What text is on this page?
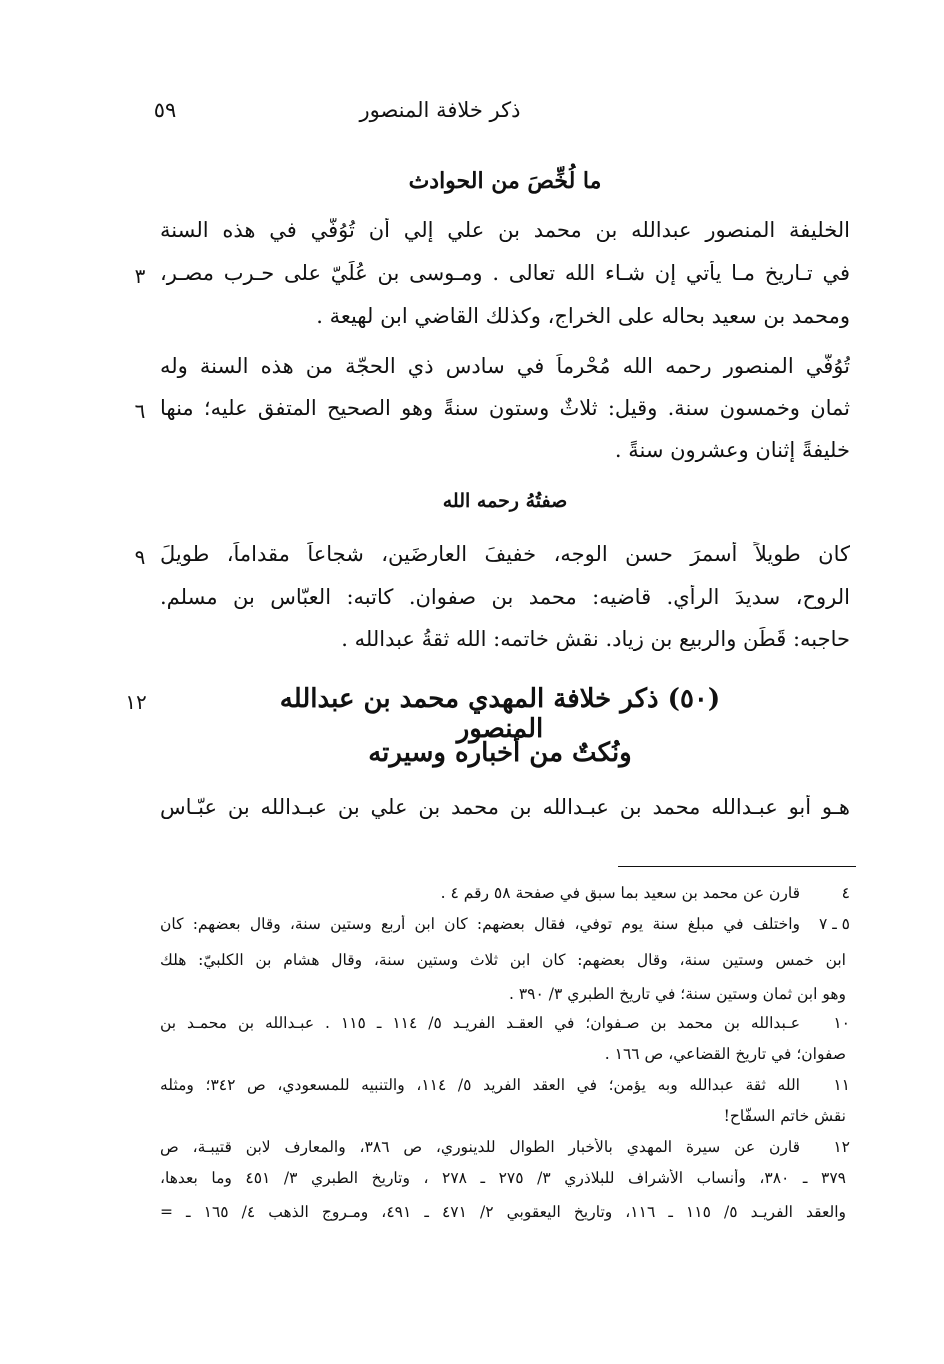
ذكر خلافة المنصور
٥٩
ما لُخِّصَ من الحوادث
الخليفة المنصور عبدالله بن محمد بن علي إلي أن تُوُفّي في هذه السنة
في تـاريخ مـا يأتي إن شـاء الله تعالى . ومـوسى بن عُلَيّ على حـرب مصـر،
٣
ومحمد بن سعيد بحاله على الخراج، وكذلك القاضي ابن لهيعة .
تُوُفّي المنصور رحمه الله مُحْرِماً في سادس ذي الحجّة من هذه السنة وله
ثمانٍ وخمسون سنة. وقيل: ثلاثٌ وستون سنةً وهو الصحيح المتفق عليه؛ منها
٦
خليفةً إثنان وعشرون سنةً .
صفتُهُ رحمه الله
كان طويلاً أسمرَ حسن الوجه، خفيفَ العارضَين، شجاعاً مقداماً، طويلَ
٩
الروح، سديدَ الرأي. قاضيه: محمد بن صفوان. كاتبه: العبّاس بن مسلم.
حاجبه: قَطَن والربيع بن زياد. نقش خاتمه: الله ثقةُ عبدالله .
(٥٠) ذكر خلافة المهدي محمد بن عبدالله المنصور
١٢
ونُكتٌ من أخباره وسيرته
هـو أبو عبـدالله محمد بن عبـدالله بن محمد بن علي بن عبـدالله بن عبّـاس
٤
قارن عن محمد بن سعيد بما سبق في صفحة ٥٨ رقم ٤ .
٥ ـ ٧
واختلف في مبلغ سنة يوم توفي، فقال بعضهم: كان ابن أربع وستين سنة، وقال بعضهم: كان
ابن خمس وستين سنة، وقال بعضهم: كان ابن ثلاث وستين سنة، وقال هشام بن الكلبيّ: هلك
وهو ابن ثمان وستين سنة؛ في تاريخ الطبري ٣/ ٣٩٠ .
١٠
عـبدالله بن محمد بن صـفوان؛ في العقـد الفريـد ٥/ ١١٤ ـ ١١٥ . عبـدالله بن محمـد بن
صفوان؛ في تاريخ القضاعي، ص ١٦٦ .
١١
الله ثقة عبدالله وبه يؤمن؛ في العقد الفريد ٥/ ١١٤، والتنبيه للمسعودي، ص ٣٤٢؛ ومثله
نقش خاتم السفّاح!
١٢
قارن عن سيرة المهدي بالأخبار الطوال للدينوري، ص ٣٨٦، والمعارف لابن قتيبـة، ص
٣٧٩ ـ ٣٨٠، وأنساب الأشراف للبلاذري ٣/ ٢٧٥ ـ ٢٧٨ ، وتاريخ الطبري ٣/ ٤٥١ وما بعدها،
والعقد الفريـد ٥/ ١١٥ ـ ١١٦، وتاريخ اليعقوبي ٢/ ٤٧١ ـ ٤٩١، ومـروج الذهب ٤/ ١٦٥ ـ =
